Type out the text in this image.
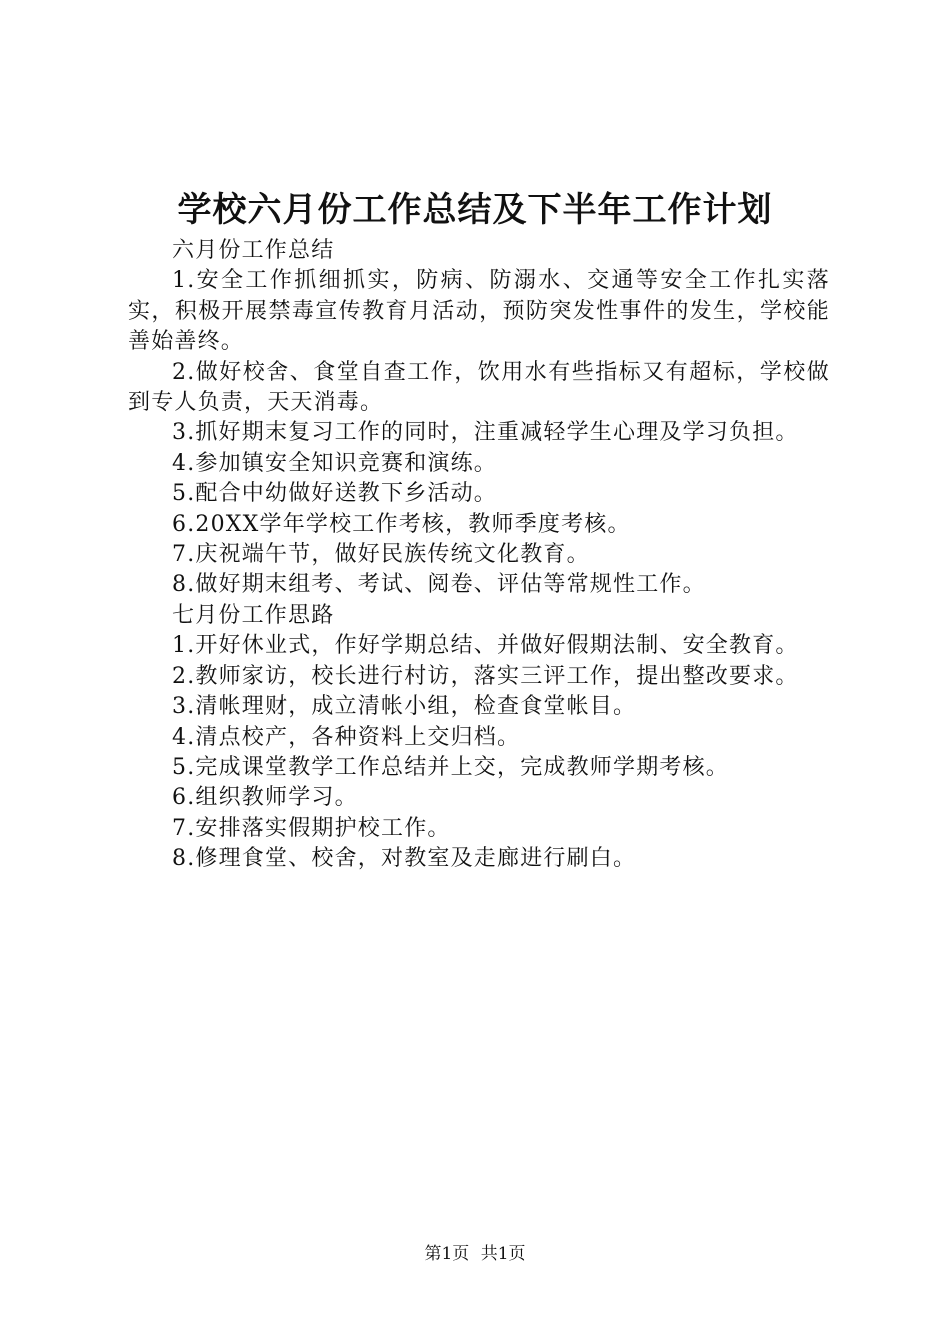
学校六月份工作总结及下半年工作计划

六月份工作总结

1.安全工作抓细抓实，防病、防溺水、交通等安全工作扎实落实，积极开展禁毒宣传教育月活动，预防突发性事件的发生，学校能善始善终。

2.做好校舍、食堂自查工作，饮用水有些指标又有超标，学校做到专人负责，天天消毒。

3.抓好期末复习工作的同时，注重减轻学生心理及学习负担。

4.参加镇安全知识竞赛和演练。

5.配合中幼做好送教下乡活动。

6.20XX学年学校工作考核，教师季度考核。

7.庆祝端午节，做好民族传统文化教育。

8.做好期末组考、考试、阅卷、评估等常规性工作。

七月份工作思路

1.开好休业式，作好学期总结、并做好假期法制、安全教育。

2.教师家访，校长进行村访，落实三评工作，提出整改要求。

3.清帐理财，成立清帐小组，检查食堂帐目。

4.清点校产，各种资料上交归档。

5.完成课堂教学工作总结并上交，完成教师学期考核。

6.组织教师学习。

7.安排落实假期护校工作。

8.修理食堂、校舍，对教室及走廊进行刷白。

第1页 共1页
